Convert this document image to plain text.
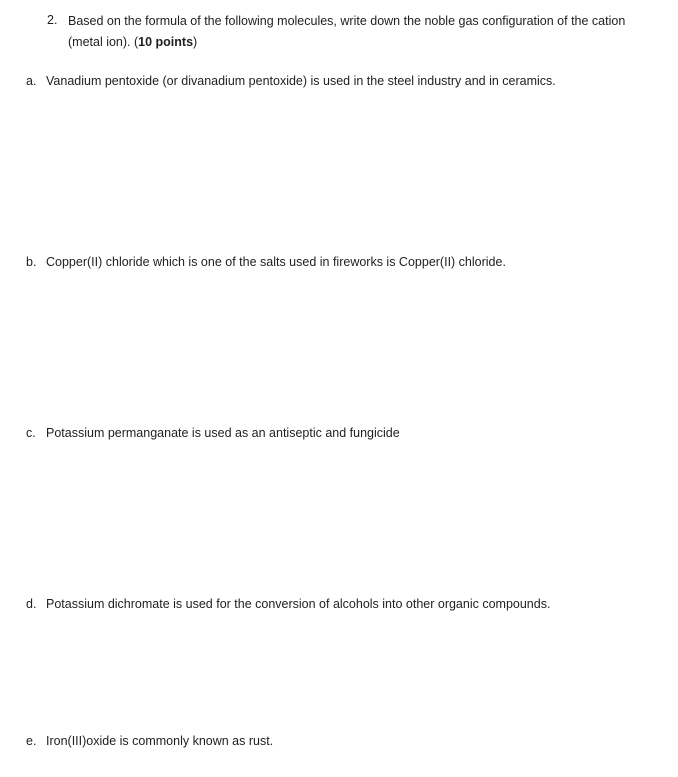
2. Based on the formula of the following molecules, write down the noble gas configuration of the cation
(metal ion). (10 points)
a. Vanadium pentoxide (or divanadium pentoxide) is used in the steel industry and in ceramics.
b. Copper(II) chloride which is one of the salts used in fireworks is Copper(II) chloride.
c. Potassium permanganate is used as an antiseptic and fungicide
d. Potassium dichromate is used for the conversion of alcohols into other organic compounds.
e. Iron(III)oxide is commonly known as rust.
